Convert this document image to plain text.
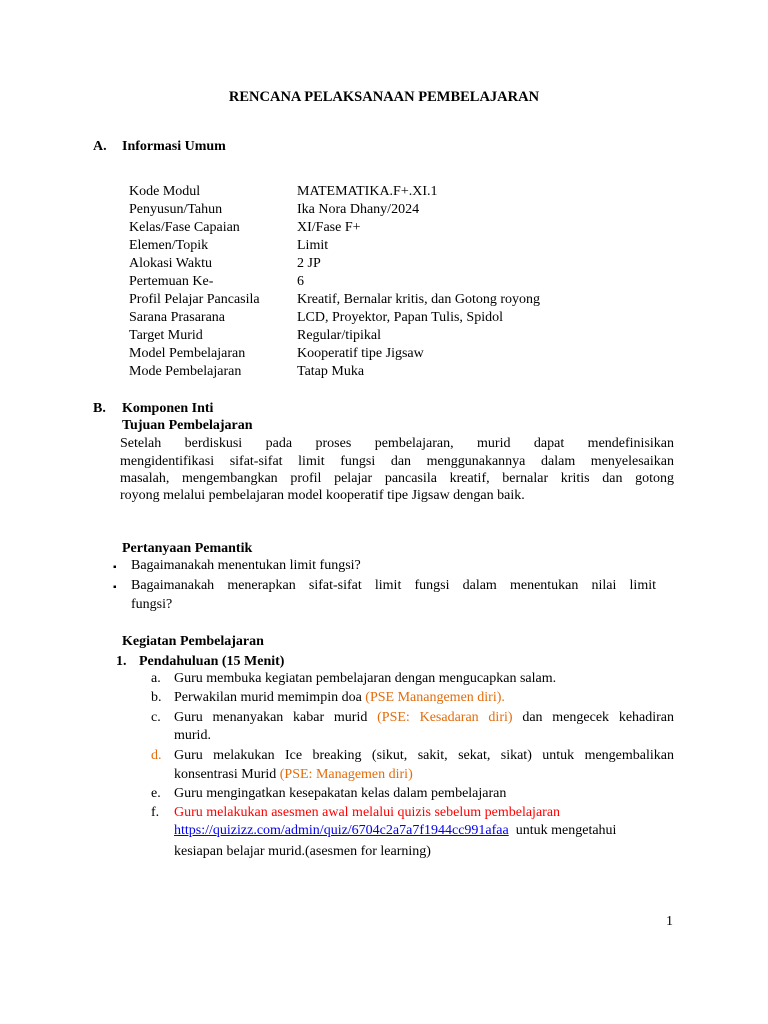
RENCANA PELAKSANAAN PEMBELAJARAN
A. Informasi Umum
Kode Modul	MATEMATIKA.F+.XI.1
Penyusun/Tahun	Ika Nora Dhany/2024
Kelas/Fase Capaian	XI/Fase F+
Elemen/Topik	Limit
Alokasi Waktu	2 JP
Pertemuan Ke-	6
Profil Pelajar Pancasila	Kreatif, Bernalar kritis, dan Gotong royong
Sarana Prasarana	LCD, Proyektor, Papan Tulis, Spidol
Target Murid	Regular/tipikal
Model Pembelajaran	Kooperatif tipe Jigsaw
Mode Pembelajaran	Tatap Muka
B. Komponen Inti
Tujuan Pembelajaran
Setelah berdiskusi pada proses pembelajaran, murid dapat mendefinisikan
mengidentifikasi sifat-sifat limit fungsi dan menggunakannya dalam menyelesaikan
masalah, mengembangkan profil pelajar pancasila kreatif, bernalar kritis dan gotong
royong melalui pembelajaran model kooperatif tipe Jigsaw dengan baik.
Pertanyaan Pemantik
▪ Bagaimanakah menentukan limit fungsi?
▪ Bagaimanakah menerapkan sifat-sifat limit fungsi dalam menentukan nilai limit
fungsi?
Kegiatan Pembelajaran
1. Pendahuluan (15 Menit)
a. Guru membuka kegiatan pembelajaran dengan mengucapkan salam.
b. Perwakilan murid memimpin doa (PSE Manangemen diri).
c. Guru menanyakan kabar murid (PSE: Kesadaran diri) dan mengecek kehadiran
murid.
d. Guru melakukan Ice breaking (sikut, sakit, sekat, sikat) untuk mengembalikan
konsentrasi Murid (PSE: Managemen diri)
e. Guru mengingatkan kesepakatan kelas dalam pembelajaran
f. Guru melakukan asesmen awal melalui quizis sebelum pembelajaran
https://quizizz.com/admin/quiz/6704c2a7a7f1944cc991afaa  untuk mengetahui
kesiapan belajar murid.(asesmen for learning)
1
